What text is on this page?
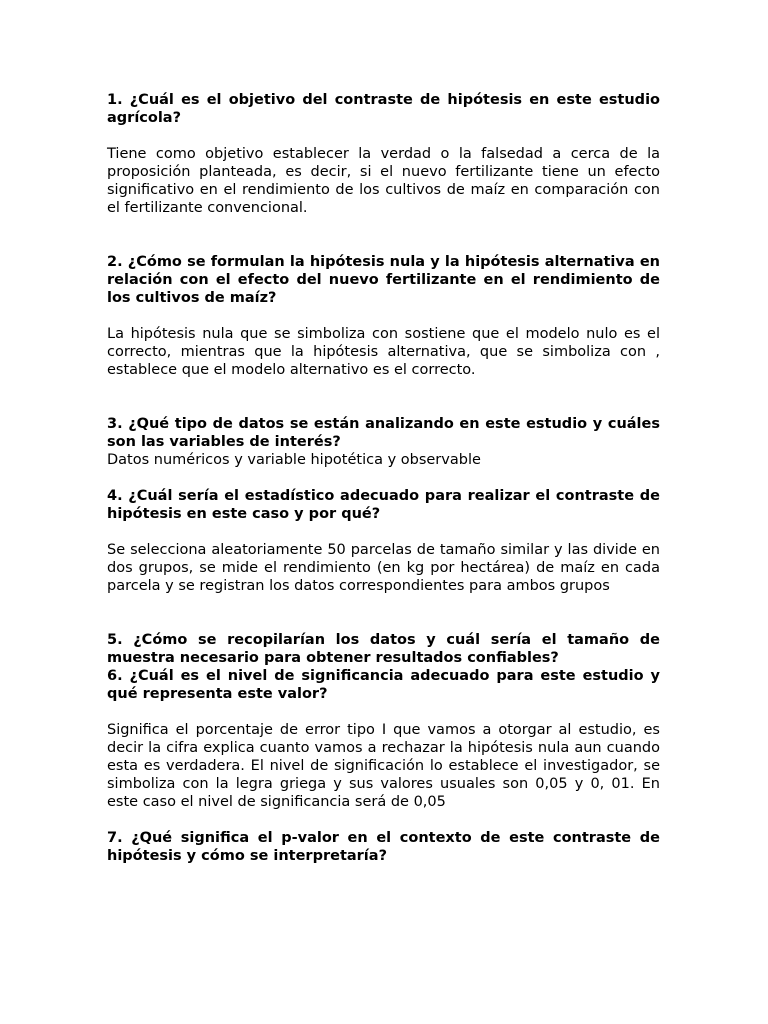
1. ¿Cuál es el objetivo del contraste de hipótesis en este estudio agrícola?

Tiene como objetivo establecer la verdad o la falsedad a cerca de la proposición planteada, es decir, si el nuevo fertilizante tiene un efecto significativo en el rendimiento de los cultivos de maíz en comparación con el fertilizante convencional.

2. ¿Cómo se formulan la hipótesis nula y la hipótesis alternativa en relación con el efecto del nuevo fertilizante en el rendimiento de los cultivos de maíz?

La hipótesis nula que se simboliza con sostiene que el modelo nulo es el correcto, mientras que la hipótesis alternativa, que se simboliza con , establece que el modelo alternativo es el correcto.

3. ¿Qué tipo de datos se están analizando en este estudio y cuáles son las variables de interés?

Datos numéricos y variable hipotética y observable

4. ¿Cuál sería el estadístico adecuado para realizar el contraste de hipótesis en este caso y por qué?

Se selecciona aleatoriamente 50 parcelas de tamaño similar y las divide en dos grupos, se mide el rendimiento (en kg por hectárea) de maíz en cada parcela y se registran los datos correspondientes para ambos grupos

5. ¿Cómo se recopilarían los datos y cuál sería el tamaño de muestra necesario para obtener resultados confiables?

6. ¿Cuál es el nivel de significancia adecuado para este estudio y qué representa este valor?

Significa el porcentaje de error tipo I que vamos a otorgar al estudio, es decir la cifra explica cuanto vamos a rechazar la hipótesis nula aun cuando esta es verdadera. El nivel de significación lo establece el investigador, se simboliza con la legra griega y sus valores usuales son 0,05 y 0, 01. En este caso el nivel de significancia será de 0,05

7. ¿Qué significa el p-valor en el contexto de este contraste de hipótesis y cómo se interpretaría?
